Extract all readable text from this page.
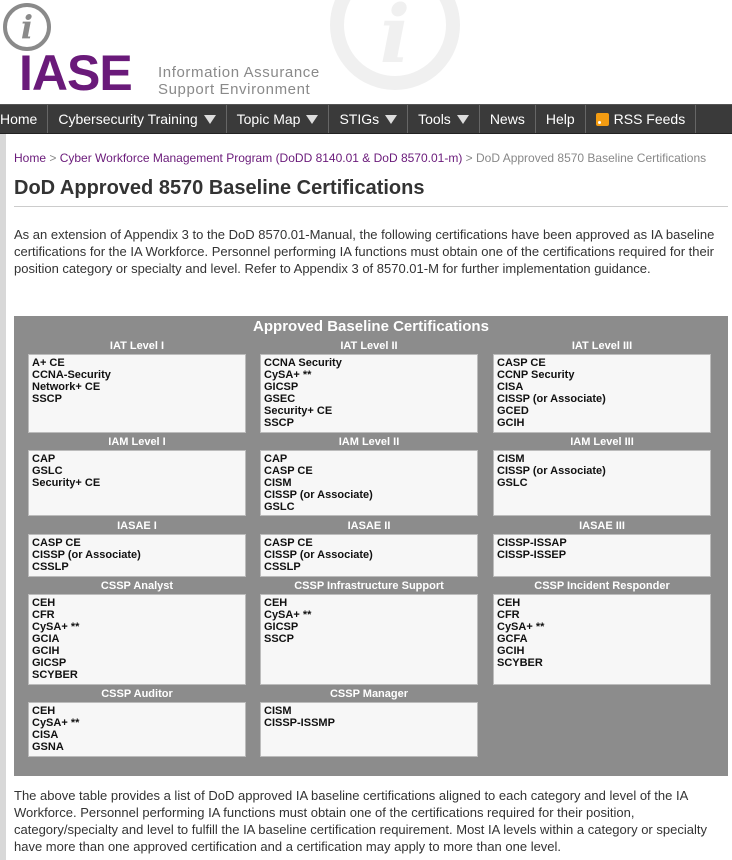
i
i
IASE Information Assurance
Support Environment
Home Cybersecurity Training	Topic Map	STIGs	Tools	News Help	RSS Feeds
Home > Cyber Workforce Management Program (DoDD 8140.01 & DoD 8570.01-m) > DoD Approved 8570 Baseline Certifications
DoD Approved 8570 Baseline Certifications

As an extension of Appendix 3 to the DoD 8570.01-Manual, the following certifications have been approved as IA baseline certifications for the IA Workforce. Personnel performing IA functions must obtain one of the certifications required for their position category or specialty and level. Refer to Appendix 3 of 8570.01-M for further implementation guidance.

Approved Baseline Certifications
IAT Level I
A+ CE
CCNA-Security
Network+ CE
SSCP
IAT Level II
CCNA Security
CySA+ **
GICSP
GSEC
Security+ CE
SSCP
IAT Level III
CASP CE
CCNP Security
CISA
CISSP (or Associate)
GCED
GCIH
IAM Level I
CAP
GSLC
Security+ CE
IAM Level II
CAP
CASP CE
CISM
CISSP (or Associate)
GSLC
IAM Level III
CISM
CISSP (or Associate)
GSLC
IASAE I
CASP CE
CISSP (or Associate)
CSSLP
IASAE II
CASP CE
CISSP (or Associate)
CSSLP
IASAE III
CISSP-ISSAP
CISSP-ISSEP
CSSP Analyst
CEH
CFR
CySA+ **
GCIA
GCIH
GICSP
SCYBER
CSSP Infrastructure Support
CEH
CySA+ **
GICSP
SSCP
CSSP Incident Responder
CEH
CFR
CySA+ **
GCFA
GCIH
SCYBER
CSSP Auditor
CEH
CySA+ **
CISA
GSNA
CSSP Manager
CISM
CISSP-ISSMP

The above table provides a list of DoD approved IA baseline certifications aligned to each category and level of the IA Workforce. Personnel performing IA functions must obtain one of the certifications required for their position, category/specialty and level to fulfill the IA baseline certification requirement. Most IA levels within a category or specialty have more than one approved certification and a certification may apply to more than one level.
